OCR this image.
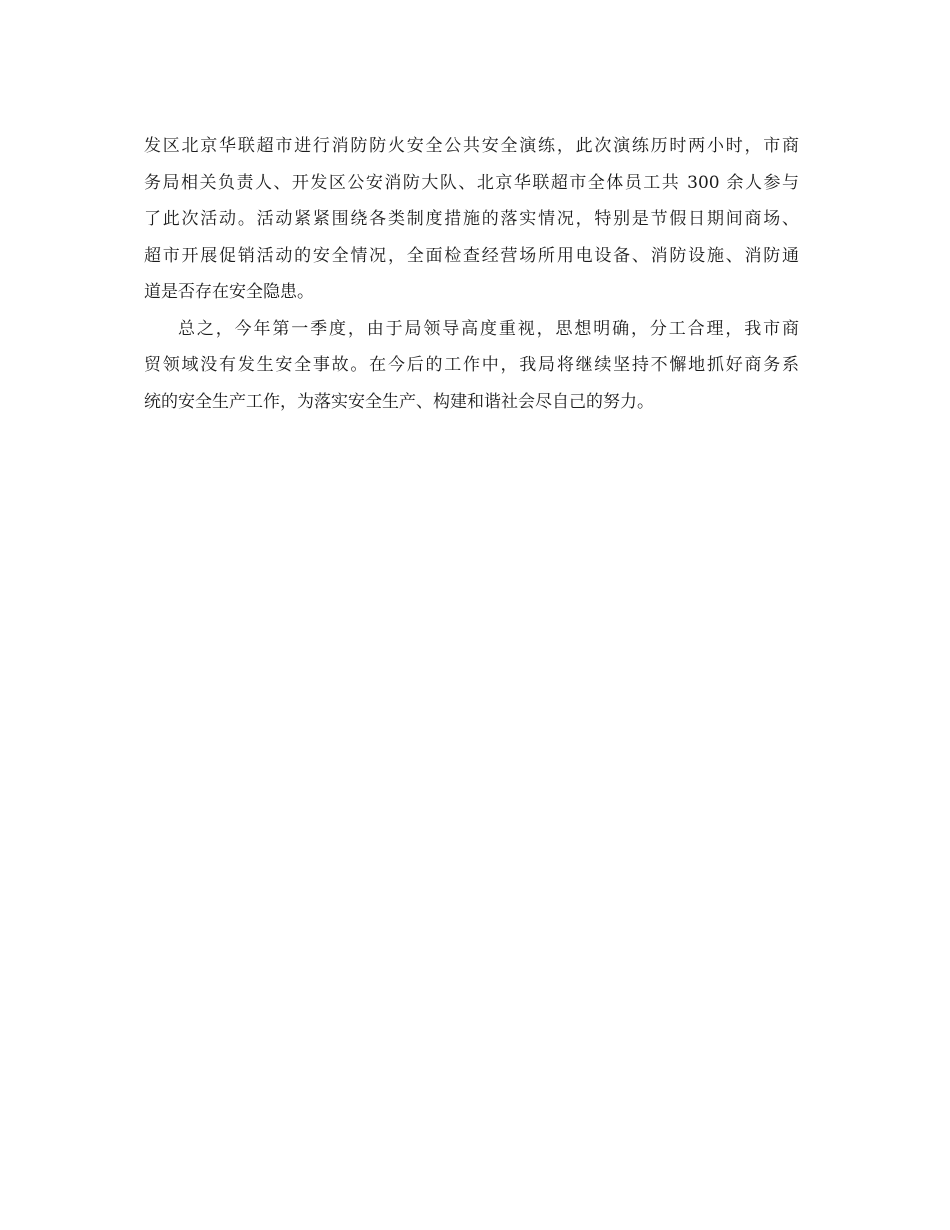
发区北京华联超市进行消防防火安全公共安全演练，此次演练历时两小时，市商
务局相关负责人、开发区公安消防大队、北京华联超市全体员工共 300 余人参与
了此次活动。活动紧紧围绕各类制度措施的落实情况，特别是节假日期间商场、
超市开展促销活动的安全情况，全面检查经营场所用电设备、消防设施、消防通
道是否存在安全隐患。
总之，今年第一季度，由于局领导高度重视，思想明确，分工合理，我市商
贸领域没有发生安全事故。在今后的工作中，我局将继续坚持不懈地抓好商务系
统的安全生产工作，为落实安全生产、构建和谐社会尽自己的努力。
